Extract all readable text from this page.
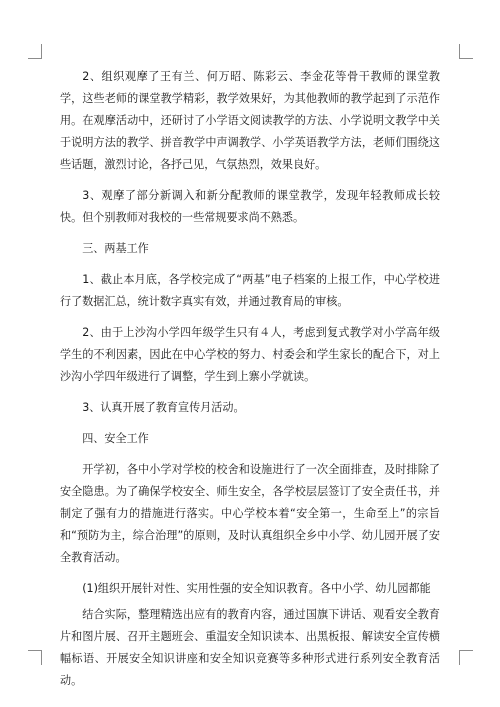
2、组织观摩了王有兰、何万昭、陈彩云、李金花等骨干教师的课堂教学，这些老师的课堂教学精彩，教学效果好，为其他教师的教学起到了示范作用。在观摩活动中，还研讨了小学语文阅读教学的方法、小学说明文教学中关于说明方法的教学、拼音教学中声调教学、小学英语教学方法，老师们围绕这些话题，激烈讨论，各抒己见，气氛热烈，效果良好。

3、观摩了部分新调入和新分配教师的课堂教学，发现年轻教师成长较快。但个别教师对我校的一些常规要求尚不熟悉。

三、两基工作

1、截止本月底，各学校完成了“两基”电子档案的上报工作，中心学校进行了数据汇总，统计数字真实有效，并通过教育局的审核。

2、由于上沙沟小学四年级学生只有４人，考虑到复式教学对小学高年级学生的不利因素，因此在中心学校的努力、村委会和学生家长的配合下，对上沙沟小学四年级进行了调整，学生到上寨小学就读。

3、认真开展了教育宣传月活动。

四、安全工作

开学初，各中小学对学校的校舍和设施进行了一次全面排查，及时排除了安全隐患。为了确保学校安全、师生安全，各学校层层签订了安全责任书，并制定了强有力的措施进行落实。中心学校本着“安全第一，生命至上”的宗旨和“预防为主，综合治理”的原则，及时认真组织全乡中小学、幼儿园开展了安全教育活动。

(1)组织开展针对性、实用性强的安全知识教育。各中小学、幼儿园都能

结合实际，整理精选出应有的教育内容，通过国旗下讲话、观看安全教育片和图片展、召开主题班会、重温安全知识读本、出黑板报、解读安全宣传横幅标语、开展安全知识讲座和安全知识竞赛等多种形式进行系列安全教育活动。
